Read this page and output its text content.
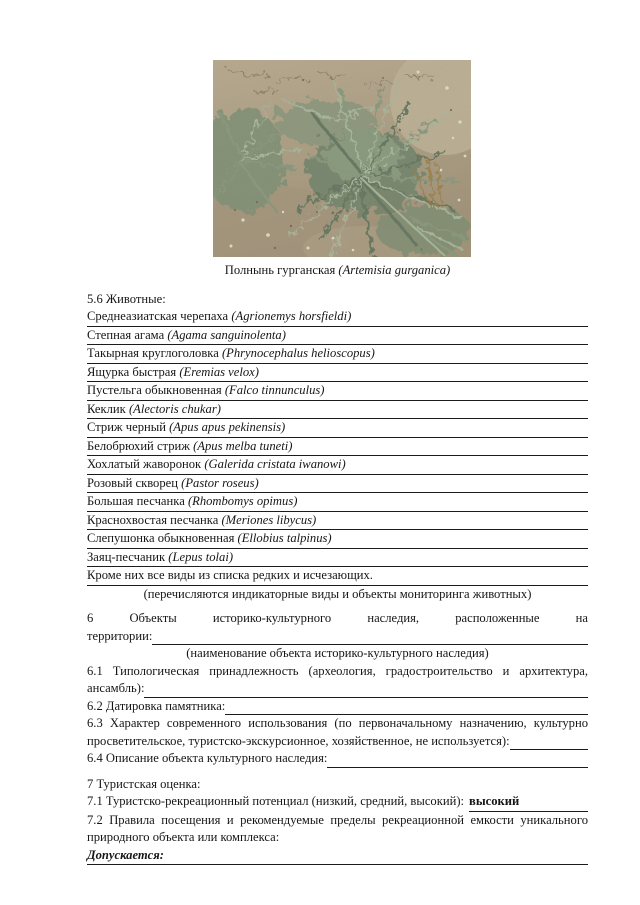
Полнынь гурганская (Artemisia gurganica)
5.6 Животные:
Среднеазиатская черепаха (Agrionemys horsfieldi)
Степная агама (Agama sanguinolenta)
Такырная круглоголовка (Phrynocephalus helioscopus)
Ящурка быстрая (Eremias velox)
Пустельга обыкновенная (Falco tinnunculus)
Кеклик (Alectoris chukar)
Стриж черный (Apus apus pekinensis)
Белобрюхий стриж (Apus melba tuneti)
Хохлатый жаворонок (Galerida cristata iwanowi)
Розовый скворец (Pastor roseus)
Большая песчанка (Rhombomys opimus)
Краснохвостая песчанка (Meriones libycus)
Слепушонка обыкновенная (Ellobius talpinus)
Заяц-песчаник (Lepus tolai)
Кроме них все виды из списка редких и исчезающих.
(перечисляются индикаторные виды и объекты мониторинга животных)
6 Объекты историко-культурного наследия, расположенные на
территории:
(наименование объекта историко-культурного наследия)
6.1 Типологическая принадлежность (археология, градостроительство и архитектура,
ансамбль):
6.2 Датировка памятника:
6.3 Характер современного использования (по первоначальному назначению, культурно
просветительское, туристско-экскурсионное, хозяйственное, не используется):
6.4 Описание объекта культурного наследия:
7 Туристская оценка:
7.1 Туристско-рекреационный потенциал (низкий, средний, высокий): высокий
7.2 Правила посещения и рекомендуемые пределы рекреационной емкости уникального
природного объекта или комплекса:
Допускается:
